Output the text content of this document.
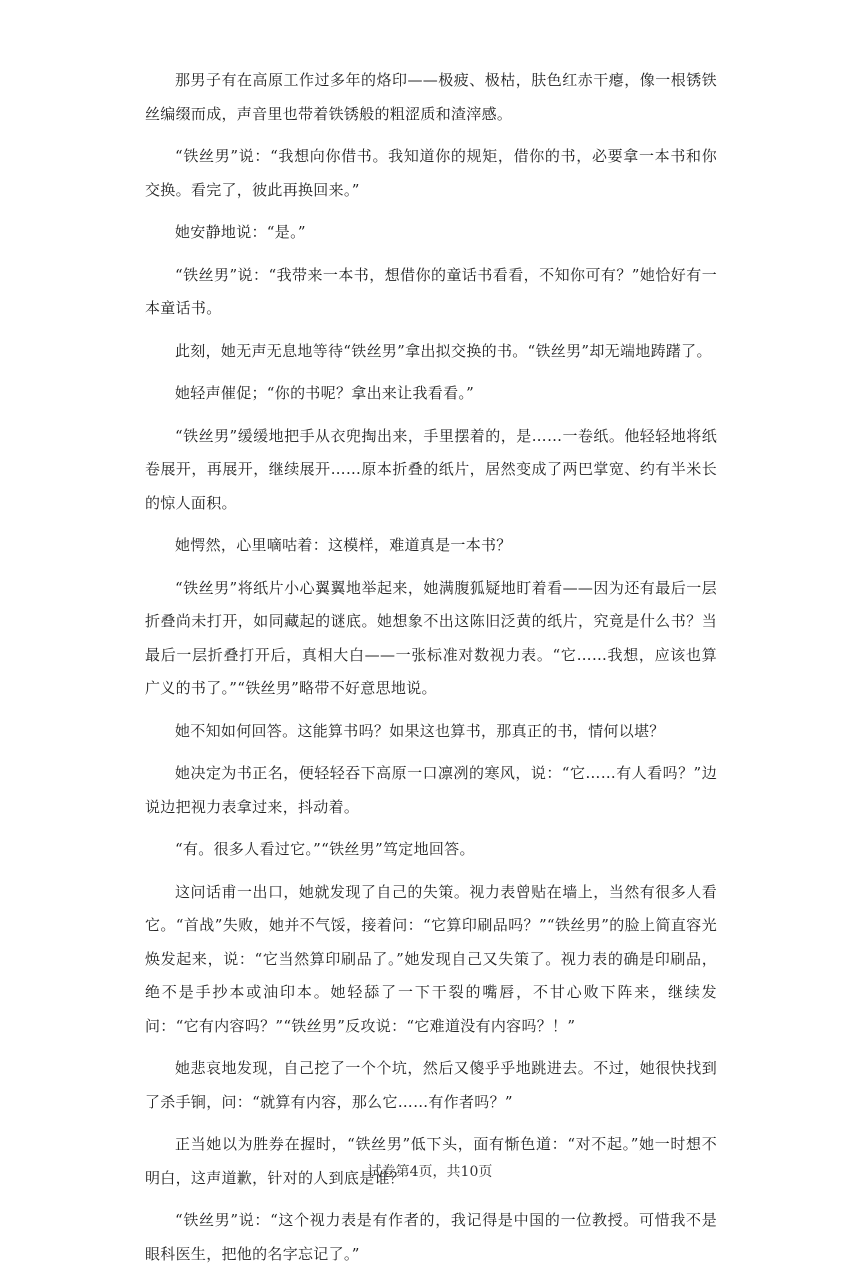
那男子有在高原工作过多年的烙印——极疲、极枯，肤色红赤干瘪，像一根锈铁丝编缀而成，声音里也带着铁锈般的粗涩质和渣滓感。

“铁丝男”说：“我想向你借书。我知道你的规矩，借你的书，必要拿一本书和你交换。看完了，彼此再换回来。”

她安静地说：“是。”

“铁丝男”说：“我带来一本书，想借你的童话书看看，不知你可有？”她恰好有一本童话书。

此刻，她无声无息地等待“铁丝男”拿出拟交换的书。“铁丝男”却无端地踌躇了。

她轻声催促；“你的书呢？拿出来让我看看。”

“铁丝男”缓缓地把手从衣兜掏出来，手里摆着的，是……一卷纸。他轻轻地将纸卷展开，再展开，继续展开……原本折叠的纸片，居然变成了两巴掌宽、约有半米长的惊人面积。

她愕然，心里嘀咕着：这模样，难道真是一本书？

“铁丝男”将纸片小心翼翼地举起来，她满腹狐疑地盯着看——因为还有最后一层折叠尚未打开，如同藏起的谜底。她想象不出这陈旧泛黄的纸片，究竟是什么书？当最后一层折叠打开后，真相大白——一张标准对数视力表。“它……我想，应该也算广义的书了。”“铁丝男”略带不好意思地说。

她不知如何回答。这能算书吗？如果这也算书，那真正的书，情何以堪？

她决定为书正名，便轻轻吞下高原一口凛冽的寒风，说：“它……有人看吗？”边说边把视力表拿过来，抖动着。

“有。很多人看过它。”“铁丝男”笃定地回答。

这问话甫一出口，她就发现了自己的失策。视力表曾贴在墙上，当然有很多人看它。“首战”失败，她并不气馁，接着问：“它算印刷品吗？”“铁丝男”的脸上简直容光焕发起来，说：“它当然算印刷品了。”她发现自己又失策了。视力表的确是印刷品，绝不是手抄本或油印本。她轻舔了一下干裂的嘴唇，不甘心败下阵来，继续发问：“它有内容吗？”“铁丝男”反攻说：“它难道没有内容吗？！”

她悲哀地发现，自己挖了一个个坑，然后又傻乎乎地跳进去。不过，她很快找到了杀手锏，问：“就算有内容，那么它……有作者吗？”

正当她以为胜券在握时，“铁丝男”低下头，面有惭色道：“对不起。”她一时想不明白，这声道歉，针对的人到底是谁？

“铁丝男”说：“这个视力表是有作者的，我记得是中国的一位教授。可惜我不是眼科医生，把他的名字忘记了。”

试卷第4页，共10页
